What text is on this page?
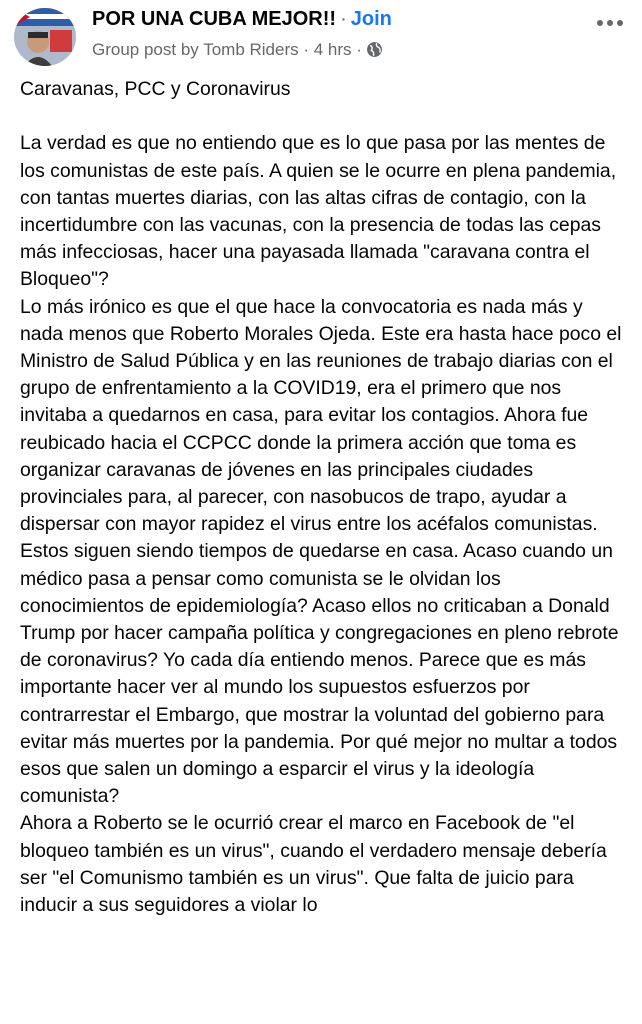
POR UNA CUBA MEJOR!! · Join
Group post by Tomb Riders · 4 hrs ·

Caravanas, PCC y Coronavirus

La verdad es que no entiendo que es lo que pasa por las mentes de los comunistas de este país. A quien se le ocurre en plena pandemia, con tantas muertes diarias, con las altas cifras de contagio, con la incertidumbre con las vacunas, con la presencia de todas las cepas más infecciosas, hacer una payasada llamada "caravana contra el Bloqueo"?

Lo más irónico es que el que hace la convocatoria es nada más y nada menos que Roberto Morales Ojeda. Este era hasta hace poco el Ministro de Salud Pública y en las reuniones de trabajo diarias con el grupo de enfrentamiento a la COVID19, era el primero que nos invitaba a quedarnos en casa, para evitar los contagios. Ahora fue reubicado hacia el CCPCC donde la primera acción que toma es organizar caravanas de jóvenes en las principales ciudades provinciales para, al parecer, con nasobucos de trapo, ayudar a dispersar con mayor rapidez el virus entre los acéfalos comunistas.

Estos siguen siendo tiempos de quedarse en casa. Acaso cuando un médico pasa a pensar como comunista se le olvidan los conocimientos de epidemiología? Acaso ellos no criticaban a Donald Trump por hacer campaña política y congregaciones en pleno rebrote de coronavirus? Yo cada día entiendo menos. Parece que es más importante hacer ver al mundo los supuestos esfuerzos por contrarrestar el Embargo, que mostrar la voluntad del gobierno para evitar más muertes por la pandemia. Por qué mejor no multar a todos esos que salen un domingo a esparcir el virus y la ideología comunista?

Ahora a Roberto se le ocurrió crear el marco en Facebook de "el bloqueo también es un virus", cuando el verdadero mensaje debería ser "el Comunismo también es un virus". Que falta de juicio para inducir a sus seguidores a violar lo
